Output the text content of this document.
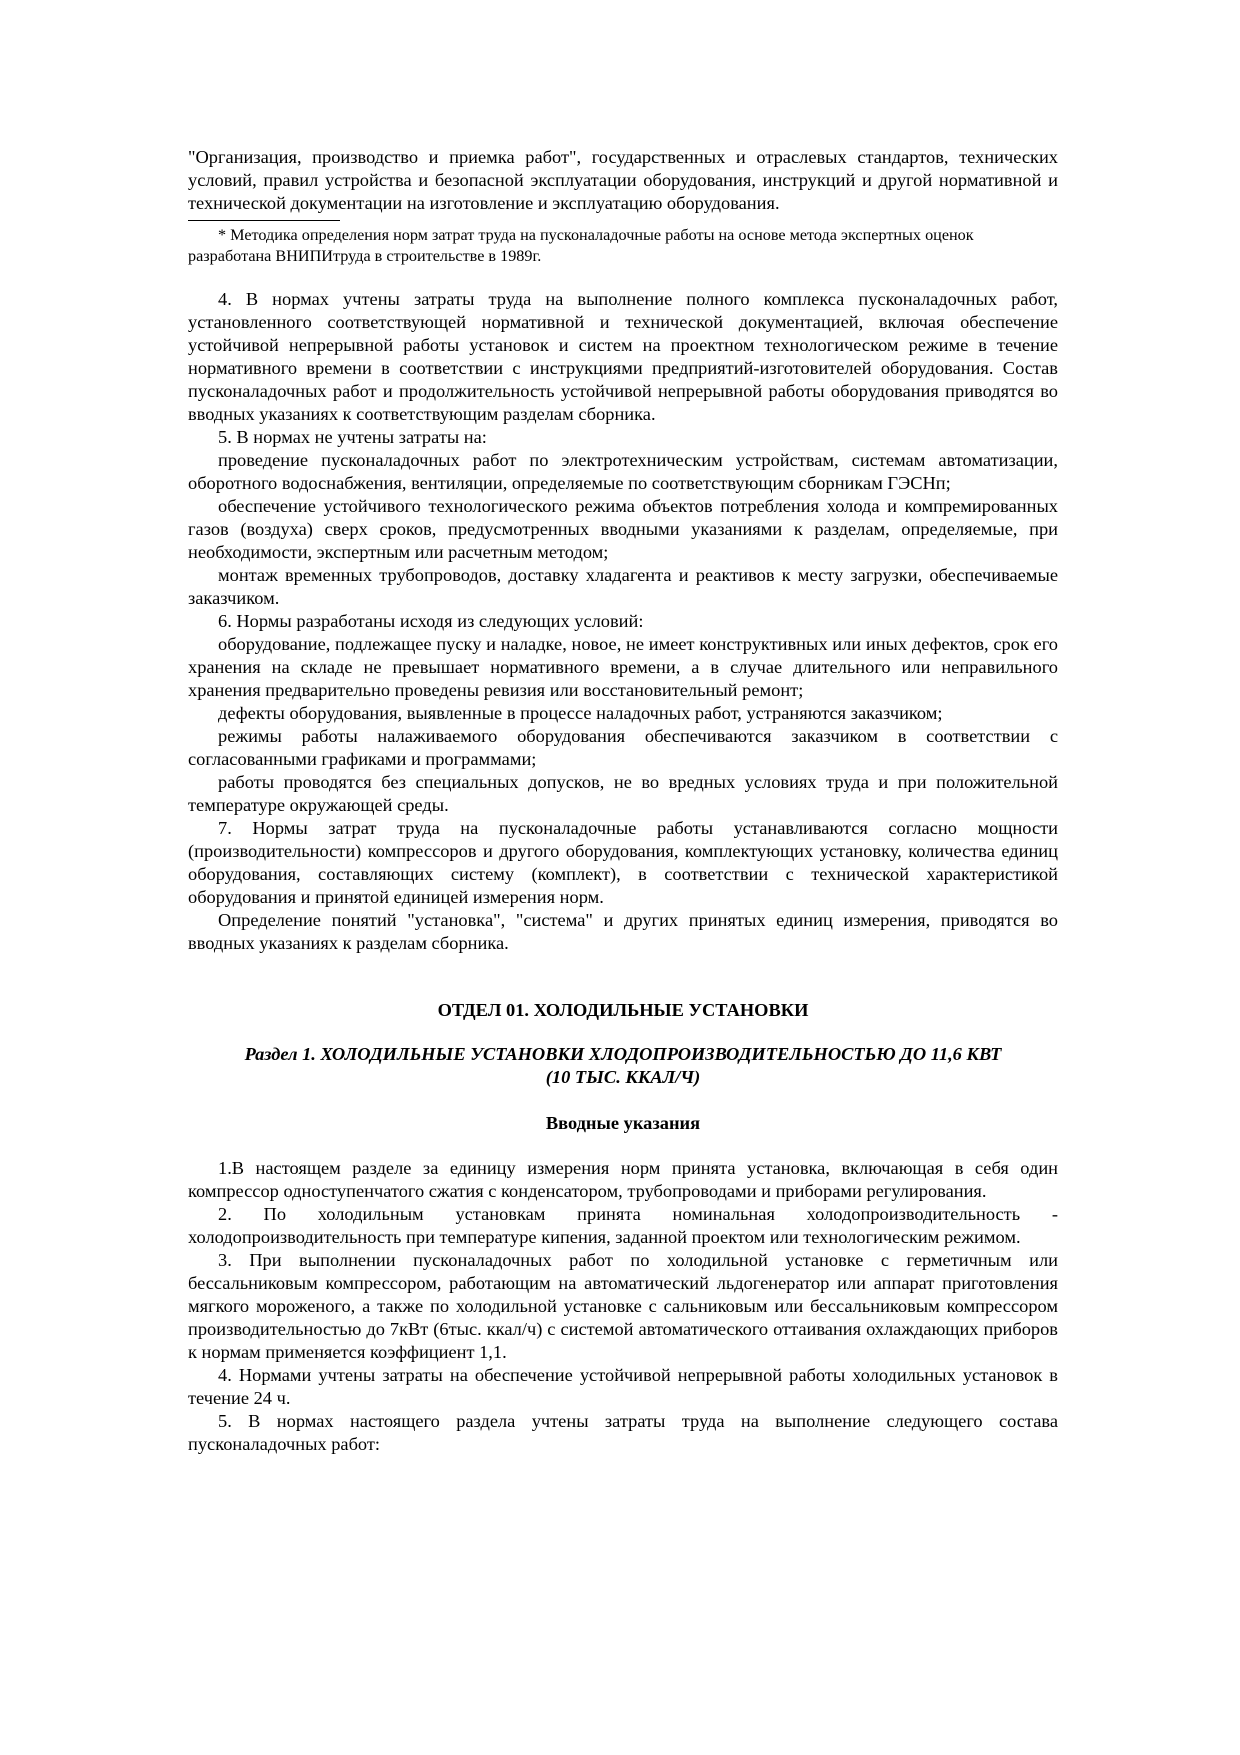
"Организация, производство и приемка работ", государственных и отраслевых стандартов, технических условий, правил устройства и безопасной эксплуатации оборудования, инструкций и другой нормативной и технической документации на изготовление и эксплуатацию оборудования.

* Методика определения норм затрат труда на пусконаладочные работы на основе метода экспертных оценок разработана ВНИПИтруда в строительстве в 1989г.

4. В нормах учтены затраты труда на выполнение полного комплекса пусконаладочных работ, установленного соответствующей нормативной и технической документацией, включая обеспечение устойчивой непрерывной работы установок и систем на проектном технологическом режиме в течение нормативного времени в соответствии с инструкциями предприятий-изготовителей оборудования. Состав пусконаладочных работ и продолжительность устойчивой непрерывной работы оборудования приводятся во вводных указаниях к соответствующим разделам сборника.

5. В нормах не учтены затраты на:

проведение пусконаладочных работ по электротехническим устройствам, системам автоматизации, оборотного водоснабжения, вентиляции, определяемые по соответствующим сборникам ГЭСНп;

обеспечение устойчивого технологического режима объектов потребления холода и компремированных газов (воздуха) сверх сроков, предусмотренных вводными указаниями к разделам, определяемые, при необходимости, экспертным или расчетным методом;

монтаж временных трубопроводов, доставку хладагента и реактивов к месту загрузки, обеспечиваемые заказчиком.

6. Нормы разработаны исходя из следующих условий:

оборудование, подлежащее пуску и наладке, новое, не имеет конструктивных или иных дефектов, срок его хранения на складе не превышает нормативного времени, а в случае длительного или неправильного хранения предварительно проведены ревизия или восстановительный ремонт;

дефекты оборудования, выявленные в процессе наладочных работ, устраняются заказчиком;

режимы работы налаживаемого оборудования обеспечиваются заказчиком в соответствии с согласованными графиками и программами;

работы проводятся без специальных допусков, не во вредных условиях труда и при положительной температуре окружающей среды.

7. Нормы затрат труда на пусконаладочные работы устанавливаются согласно мощности (производительности) компрессоров и другого оборудования, комплектующих установку, количества единиц оборудования, составляющих систему (комплект), в соответствии с технической характеристикой оборудования и принятой единицей измерения норм.

Определение понятий "установка", "система" и других принятых единиц измерения, приводятся во вводных указаниях к разделам сборника.

ОТДЕЛ 01. ХОЛОДИЛЬНЫЕ УСТАНОВКИ
Раздел 1. ХОЛОДИЛЬНЫЕ УСТАНОВКИ ХЛОДОПРОИЗВОДИТЕЛЬНОСТЬЮ ДО 11,6 КВТ
(10 ТЫС. ККАЛ/Ч)
Вводные указания

1.В настоящем разделе за единицу измерения норм принята установка, включающая в себя один компрессор одноступенчатого сжатия с конденсатором, трубопроводами и приборами регулирования.

2. По холодильным установкам принята номинальная холодопроизводительность - холодопроизводительность при температуре кипения, заданной проектом или технологическим режимом.

3. При выполнении пусконаладочных работ по холодильной установке с герметичным или бессальниковым компрессором, работающим на автоматический льдогенератор или аппарат приготовления мягкого мороженого, а также по холодильной установке с сальниковым или бессальниковым компрессором производительностью до 7кВт (6тыс. ккал/ч) с системой автоматического оттаивания охлаждающих приборов к нормам применяется коэффициент 1,1.

4. Нормами учтены затраты на обеспечение устойчивой непрерывной работы холодильных установок в течение 24 ч.

5. В нормах настоящего раздела учтены затраты труда на выполнение следующего состава пусконаладочных работ:
